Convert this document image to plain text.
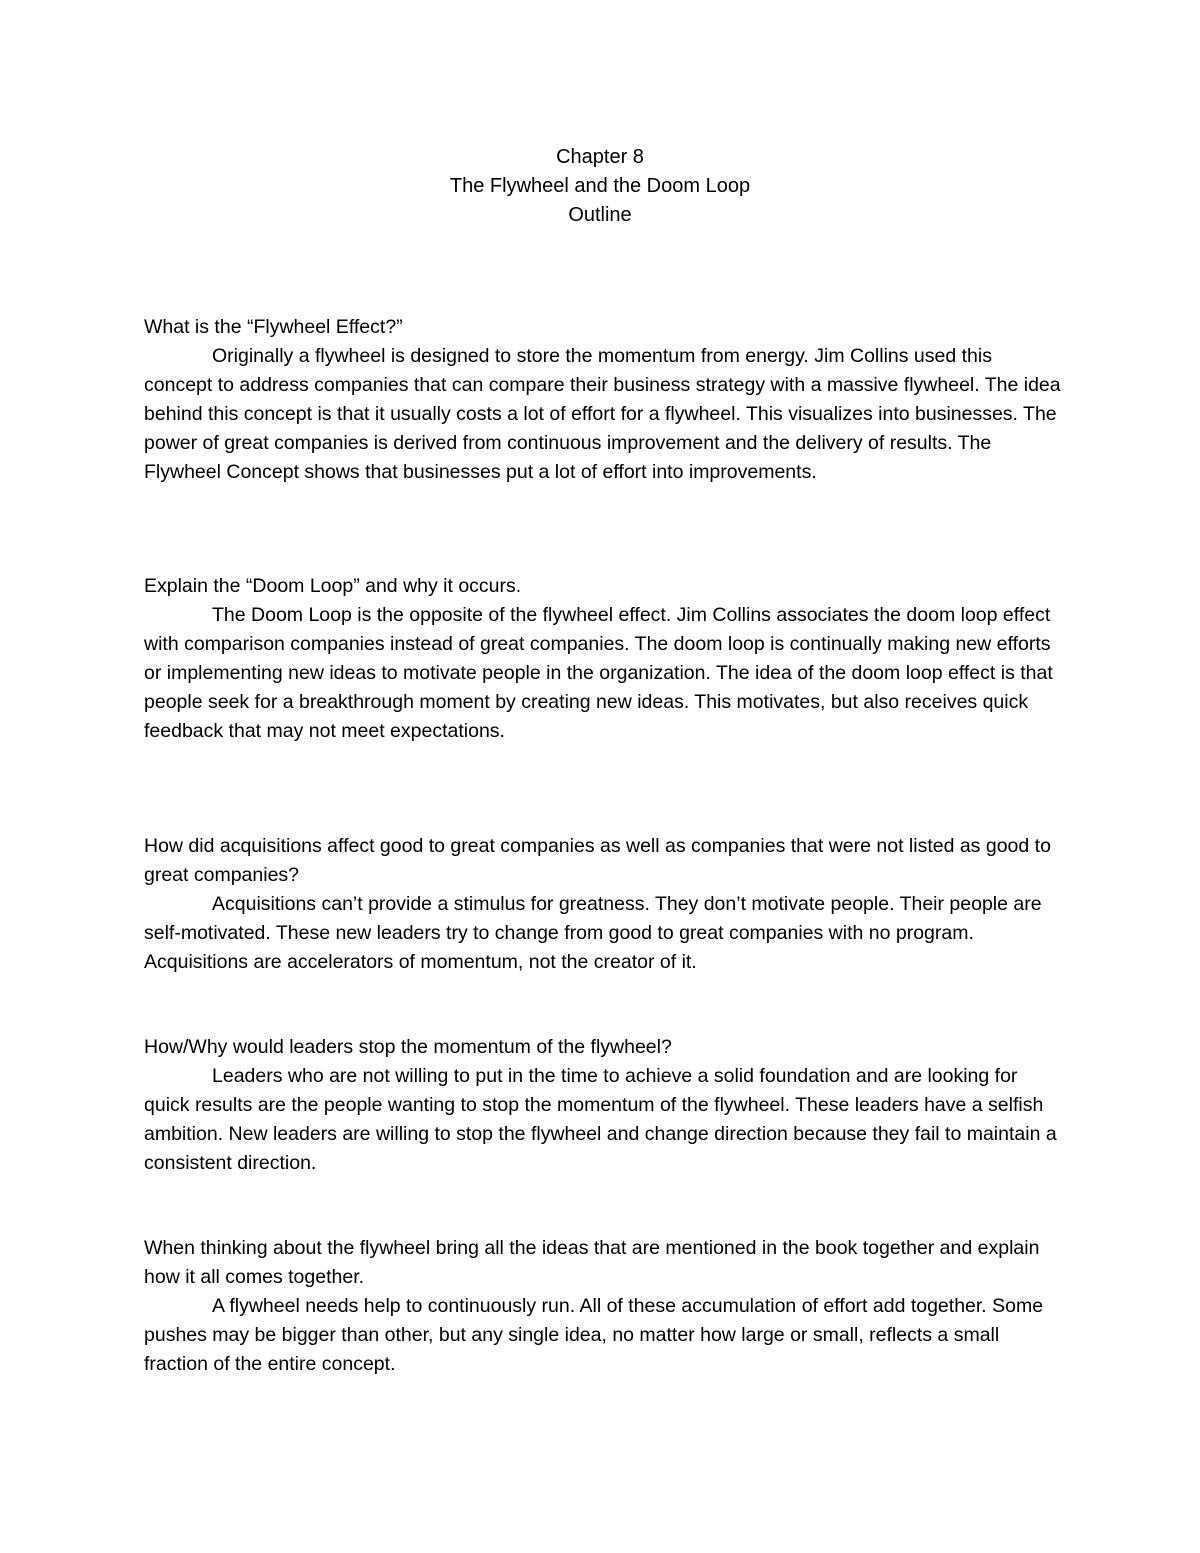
Chapter 8
The Flywheel and the Doom Loop
Outline

What is the “Flywheel Effect?”

Originally a flywheel is designed to store the momentum from energy. Jim Collins used this concept to address companies that can compare their business strategy with a massive flywheel. The idea behind this concept is that it usually costs a lot of effort for a flywheel. This visualizes into businesses. The power of great companies is derived from continuous improvement and the delivery of results. The Flywheel Concept shows that businesses put a lot of effort into improvements.

Explain the “Doom Loop” and why it occurs.

The Doom Loop is the opposite of the flywheel effect. Jim Collins associates the doom loop effect with comparison companies instead of great companies. The doom loop is continually making new efforts or implementing new ideas to motivate people in the organization. The idea of the doom loop effect is that people seek for a breakthrough moment by creating new ideas. This motivates, but also receives quick feedback that may not meet expectations.

How did acquisitions affect good to great companies as well as companies that were not listed as good to great companies?

Acquisitions can’t provide a stimulus for greatness. They don’t motivate people. Their people are self-motivated. These new leaders try to change from good to great companies with no program. Acquisitions are accelerators of momentum, not the creator of it.

How/Why would leaders stop the momentum of the flywheel?

Leaders who are not willing to put in the time to achieve a solid foundation and are looking for quick results are the people wanting to stop the momentum of the flywheel. These leaders have a selfish ambition. New leaders are willing to stop the flywheel and change direction because they fail to maintain a consistent direction.

When thinking about the flywheel bring all the ideas that are mentioned in the book together and explain how it all comes together.

A flywheel needs help to continuously run. All of these accumulation of effort add together. Some pushes may be bigger than other, but any single idea, no matter how large or small, reflects a small fraction of the entire concept.
